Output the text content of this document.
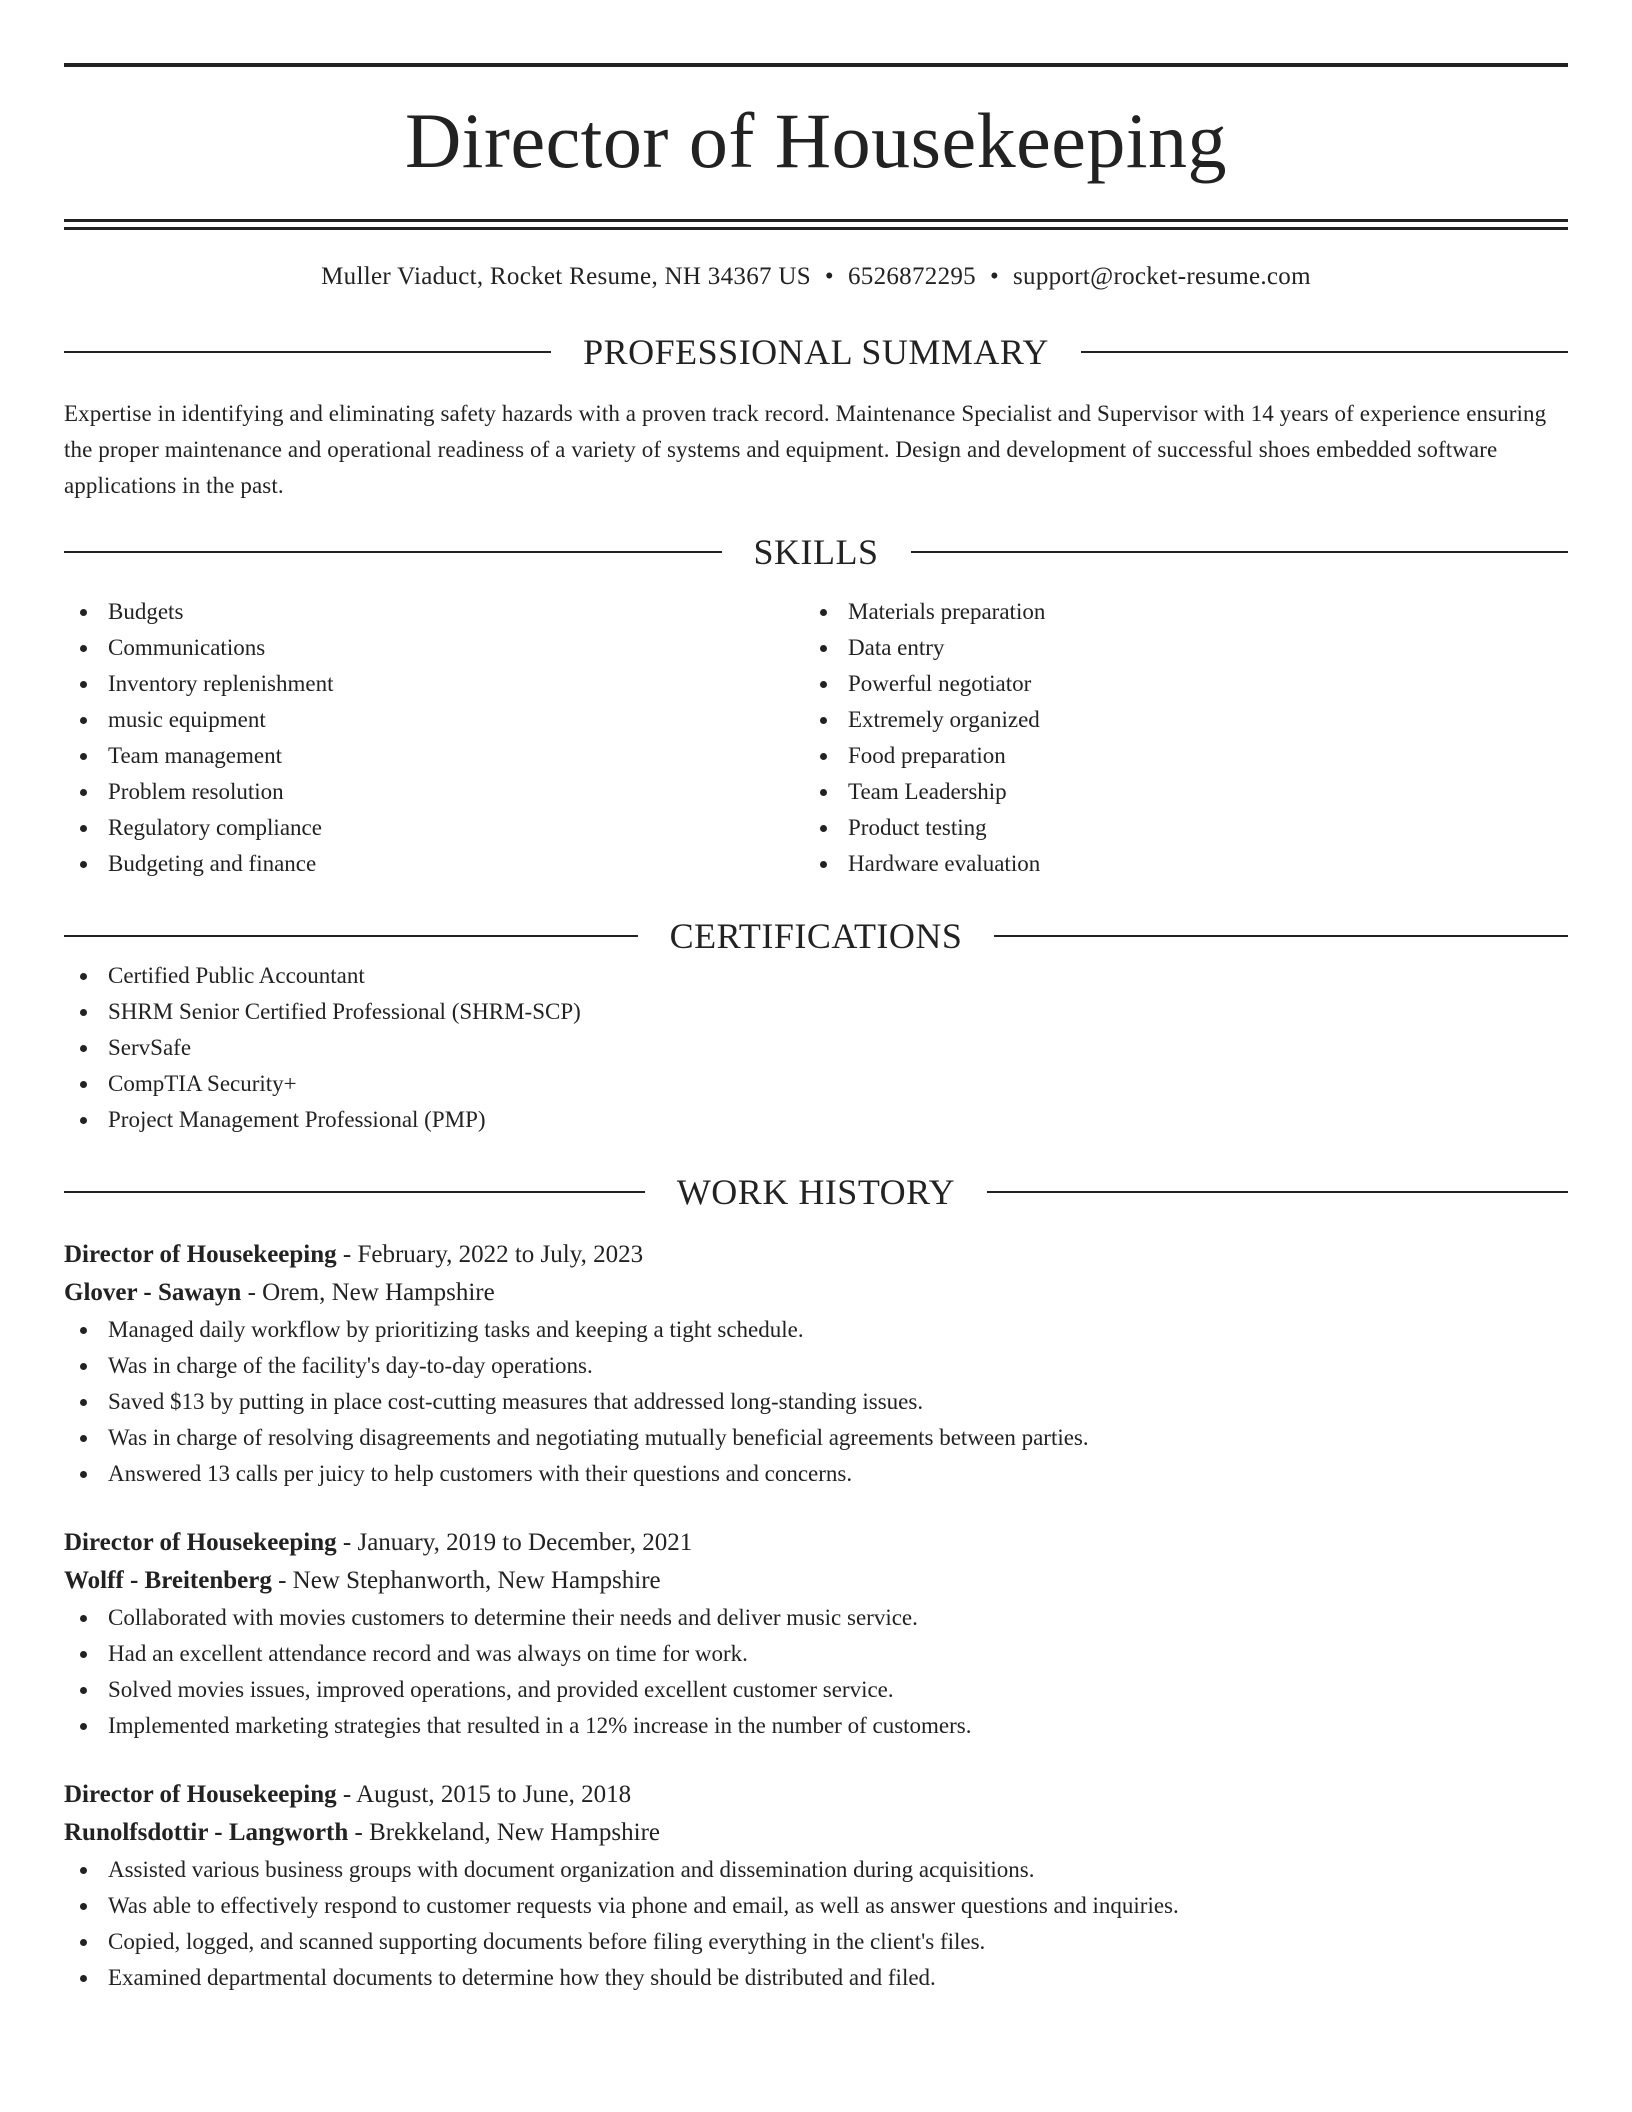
Director of Housekeeping
Muller Viaduct, Rocket Resume, NH 34367 US • 6526872295 • support@rocket-resume.com
PROFESSIONAL SUMMARY

Expertise in identifying and eliminating safety hazards with a proven track record. Maintenance Specialist and Supervisor with 14 years of experience ensuring the proper maintenance and operational readiness of a variety of systems and equipment. Design and development of successful shoes embedded software applications in the past.

SKILLS
Budgets
Communications
Inventory replenishment
music equipment
Team management
Problem resolution
Regulatory compliance
Budgeting and finance
Materials preparation
Data entry
Powerful negotiator
Extremely organized
Food preparation
Team Leadership
Product testing
Hardware evaluation
CERTIFICATIONS
Certified Public Accountant
SHRM Senior Certified Professional (SHRM-SCP)
ServSafe
CompTIA Security+
Project Management Professional (PMP)
WORK HISTORY
Director of Housekeeping - February, 2022 to July, 2023
Glover - Sawayn - Orem, New Hampshire
Managed daily workflow by prioritizing tasks and keeping a tight schedule.
Was in charge of the facility's day-to-day operations.
Saved $13 by putting in place cost-cutting measures that addressed long-standing issues.
Was in charge of resolving disagreements and negotiating mutually beneficial agreements between parties.
Answered 13 calls per juicy to help customers with their questions and concerns.
Director of Housekeeping - January, 2019 to December, 2021
Wolff - Breitenberg - New Stephanworth, New Hampshire
Collaborated with movies customers to determine their needs and deliver music service.
Had an excellent attendance record and was always on time for work.
Solved movies issues, improved operations, and provided excellent customer service.
Implemented marketing strategies that resulted in a 12% increase in the number of customers.
Director of Housekeeping - August, 2015 to June, 2018
Runolfsdottir - Langworth - Brekkeland, New Hampshire
Assisted various business groups with document organization and dissemination during acquisitions.
Was able to effectively respond to customer requests via phone and email, as well as answer questions and inquiries.
Copied, logged, and scanned supporting documents before filing everything in the client's files.
Examined departmental documents to determine how they should be distributed and filed.
